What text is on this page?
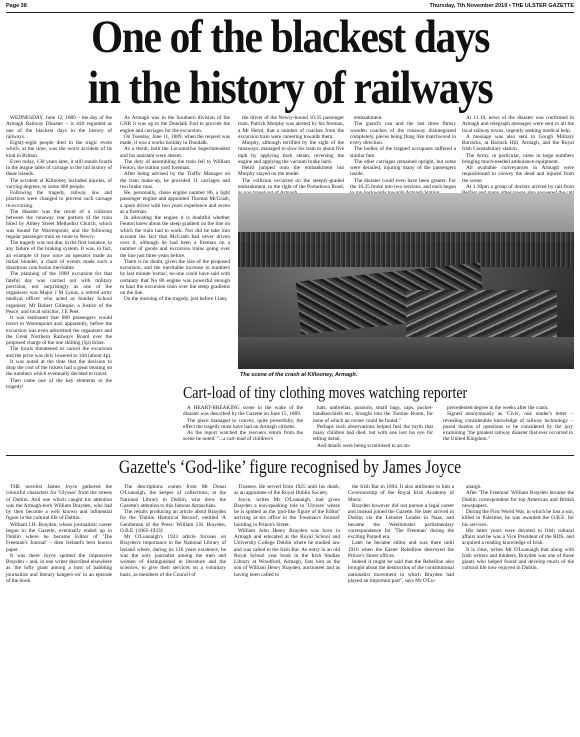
Page 38	Thursday, 7th November 2019 • THE ULSTER GAZETTE
One of the blackest days
in the history of railways

WEDNESDAY, June 12, 1889 – the day of the Armagh Railway Disaster – is still regarded as one of the blackest days in the history of railways.

Eighty-eight people died in the tragic event which, at the time, was the worst accident of its kind in Britain.

Even today, 130 years later, it still stands fourth in the league table of carnage in the rail history of these islands.

The accident at Killooney included injuries, of varying degrees, to some 400 people.

Following the tragedy, railway law and practices were changed to prevent such carnage re-occurring.

The disaster was the result of a collision between the runaway rear portion of the train hired by Abbey Street Methodist Church, which was bound for Warrenpoint, and the following regular passenger train en route to Newry.

The tragedy was not due, in the first instance, to any failure of the braking system. It was, in fact, an example of how once an operator made an initial blunder, a chain of events made such a disastrous conclusion inevitable.

The planning of the 1889 excursion for that fateful day was carried out with military precision, not surprisingly as one of the organisers was Major J M Lynas, a retired army medical officer who acted as Sunday School organiser, Mr Robert Gillespie, a Justice of the Peace, and local solicitor, J E Peel.

It was estimated that 800 passengers would travel to Warrenpoint and, apparently, before the excursion was even advertised the organisers and the Great Northern Railways Board over the proposed charge of the one shilling (5p) ticket.

The locals threatened to cancel the excursion and the price was duly lowered to 10d (about 4p).

It was noted at the time that the decision to drop the cost of the tickets had a great bearing on the numbers which eventually decided to travel.

Then came one of the key elements to the tragedy!

As Armagh was in the Southern division of the GNR it was up to the Dundalk End to provide the engine and carriages for the excursion.

On Tuesday, June 11, 1889, when the request was made, it was a works holiday in Dundalk.

As a result, both the Locomotive Superintendent and his assistant were absent.

The duty of assembling the train fell to William Fenton, the station yard foreman.

After being advised by the Traffic Manager on the train make-up, he provided 11 carriages and two brake vans.

He, personally, chose engine number 86, a light passenger engine and appointed Thomas McGrath, a spare driver with two years experience and seven as a fireman.

In allocating the engine it is doubtful whether Fenton knew about the steep gradient on the line on which the train had to work. Nor did he take into account the fact that McGrath had never driven over it, although he had been a fireman on a number of goods and excursion trains going over the line just three years before.

There is no doubt, given the size of the proposed excursion, and the inevitable increase in numbers by last minute 'extras', no-one could have said with certainty that No 86 engine was powerful enough to haul the excursion train over the steep gradients on the line.

On the morning of the tragedy, just before 11am,

the driver of the Newry-bound 10.35 passenger train, Patrick Murphy was alerted by his fireman, a Mr Heird, that a number of coaches from the excursion train were careering towards them.

Murphy, although terrified by the sight of the runaways, managed to slow his train to about five mph by applying back steam, reversing the engine and applying the vacuum brake hard.

Heird jumped onto the embankment but Murphy stayed on the tender.

The collision occurred on the steeply-graded embankment, to the right of the Portadown Road,

embankment.

The guard's van and the last three flimsy wooden coaches of the runaway disintegrated completely, pieces being flung like matchwood in every direction.

The bodies of the trapped occupants suffered a similar fate.

The other carriages remained upright, but some were derailed, injuring many of the passengers inside.

The disaster could even have been greater. For the 10.35 broke into two sections, and each began

At 11.10, news of the disaster was confirmed in Armagh and telegraph messages were sent to all the local railway towns, urgently seeking medical help.

A message was also sent to Gough Military Barracks, at Barrack Hill, Armagh, and the Royal Irish Constabulary station.

The Army, in particular, came in large numbers bringing much-needed ambulance equipment.

All available conveyances in Armagh were requisitioned to convey the dead and injured from the scene.

At 1.30pm a group of doctors arrived by rail from

The scene of the crash at Killooney, Armagh.
Cart-load of tiny clothing moves watching reporter

A HEART-BREAKING scene in the wake of the disaster was described by the Gazette on June 15, 1889.

The piece managed to convey, quite powerfully, the effect the tragedy must have had on Armagh citizens.

As the report watched the rescuers return from the scene he noted: "...a cart-load of children's

hats, umbrellas, parasols, small bags, caps, pocket-handkerchiefs etc., brought into the Tontine Room, for none of which an owner could be found."

Perhaps such observations helped fuel the myth that many children had died, but with one lost his eye for telling detail.

And details were being scrutinised to an un-

precedented degree in the weeks after the crash.

Signed anonymously as 'Civis', one reader's letter – revealing considerable knowledge of railway technology – posed dozens of questions to be considered by the jury examining "the greatest railway disaster that ever occurred in the United Kingdom."

Gazette's ‘God-like’ figure recognised by James Joyce

THE novelist James Joyce gathered the colourful characters for 'Ulysses' from the streets of Dublin. And one which caught his attention was the Armagh-born William Brayden, who had by then become a well known and influential figure in the cultural life of Dublin.

William J.H. Brayden, whose journalistic career began in the Gazette, eventually ended up in Dublin where he became Editor of 'The Freeman's Journal' – then Ireland's best known paper.

It was there Joyce spotted the impressive Brayden – and, in one writer described elsewhere as 'the lofty giant among a host of babbling journalists and literary hangers-on' in an episode of the book.

The descriptions comes from Mr Donal O'Luanaigh, the keeper of collections, at the National Library in Dublin, who drew the Gazette's attention to this famous Armachian.

The results producing an article about Brayden for the 'Dublin Historical Record', entitled 'A Gentleman of the Press: William J.H. Brayden, O.B.E. (1865-1933)'.

Mr O'Luanaigh's 1933 article focuses on Brayden's importance to the National Library of Ireland where, during its 116 years existence, he was the only journalist among the men and women of distinguished in literature and the sciences, to give their services on a voluntary basis, as members of the Council of

Trustees. He served from 1925 until his death, as an appointee of the Royal Dublin Society.

Joyce, writes Mr O'Luanaigh, had given Brayden a non-speaking role in 'Ulysses' where he is spotted as the 'god-like figure of the Editor' arriving at his office in the 'Freeman's Journal' building in Prince's Street.

William John Henry Brayden was born in Armagh and educated at the Royal School and University College Dublin where he studied law and was called to the Irish Bar. An entry in an old Royal School year book in the Irish Studies Library at Woodford, Armagh, lists him as the son of William Henry Brayden, auctioneer and as having been called to

the Irish Bar in 1894. It also attributes to him a Governorship of the Royal Irish Academy of Music.

Brayden however did not pursue a legal career and instead joined the Gazette. He later arrived in Dublin via the Leinster Leader in Naas, and became the Westminster parliamentary correspondence for 'The Freeman' during the exciting Parnell era.

Later he became editor and was there until 1916 when the Easter Rebellion destroyed the Prince's Street offices.

Indeed it might be said that the Rebellion also brought about the destruction of the constitutional nationalist movement in which Brayden had played an important part", says Mr O'Lu-

anaigh.

After 'The Freeman' William Brayden became the Dublin correspondent for top American and British newspapers.

During the First World War, in which he lost a son, killed in Palestine, he was awarded the O.B.E. for his services.

His latter years were devoted to Irish cultural affairs and he was a Vice President of the RDS, and acquired a reading knowledge of Irish.

It is clear, writes Mr O'Luanaigh that along with Irish writers and thinkers, Brayden was one of those giants who helped found and develop much of the cultural life now enjoyed in Dublin.
